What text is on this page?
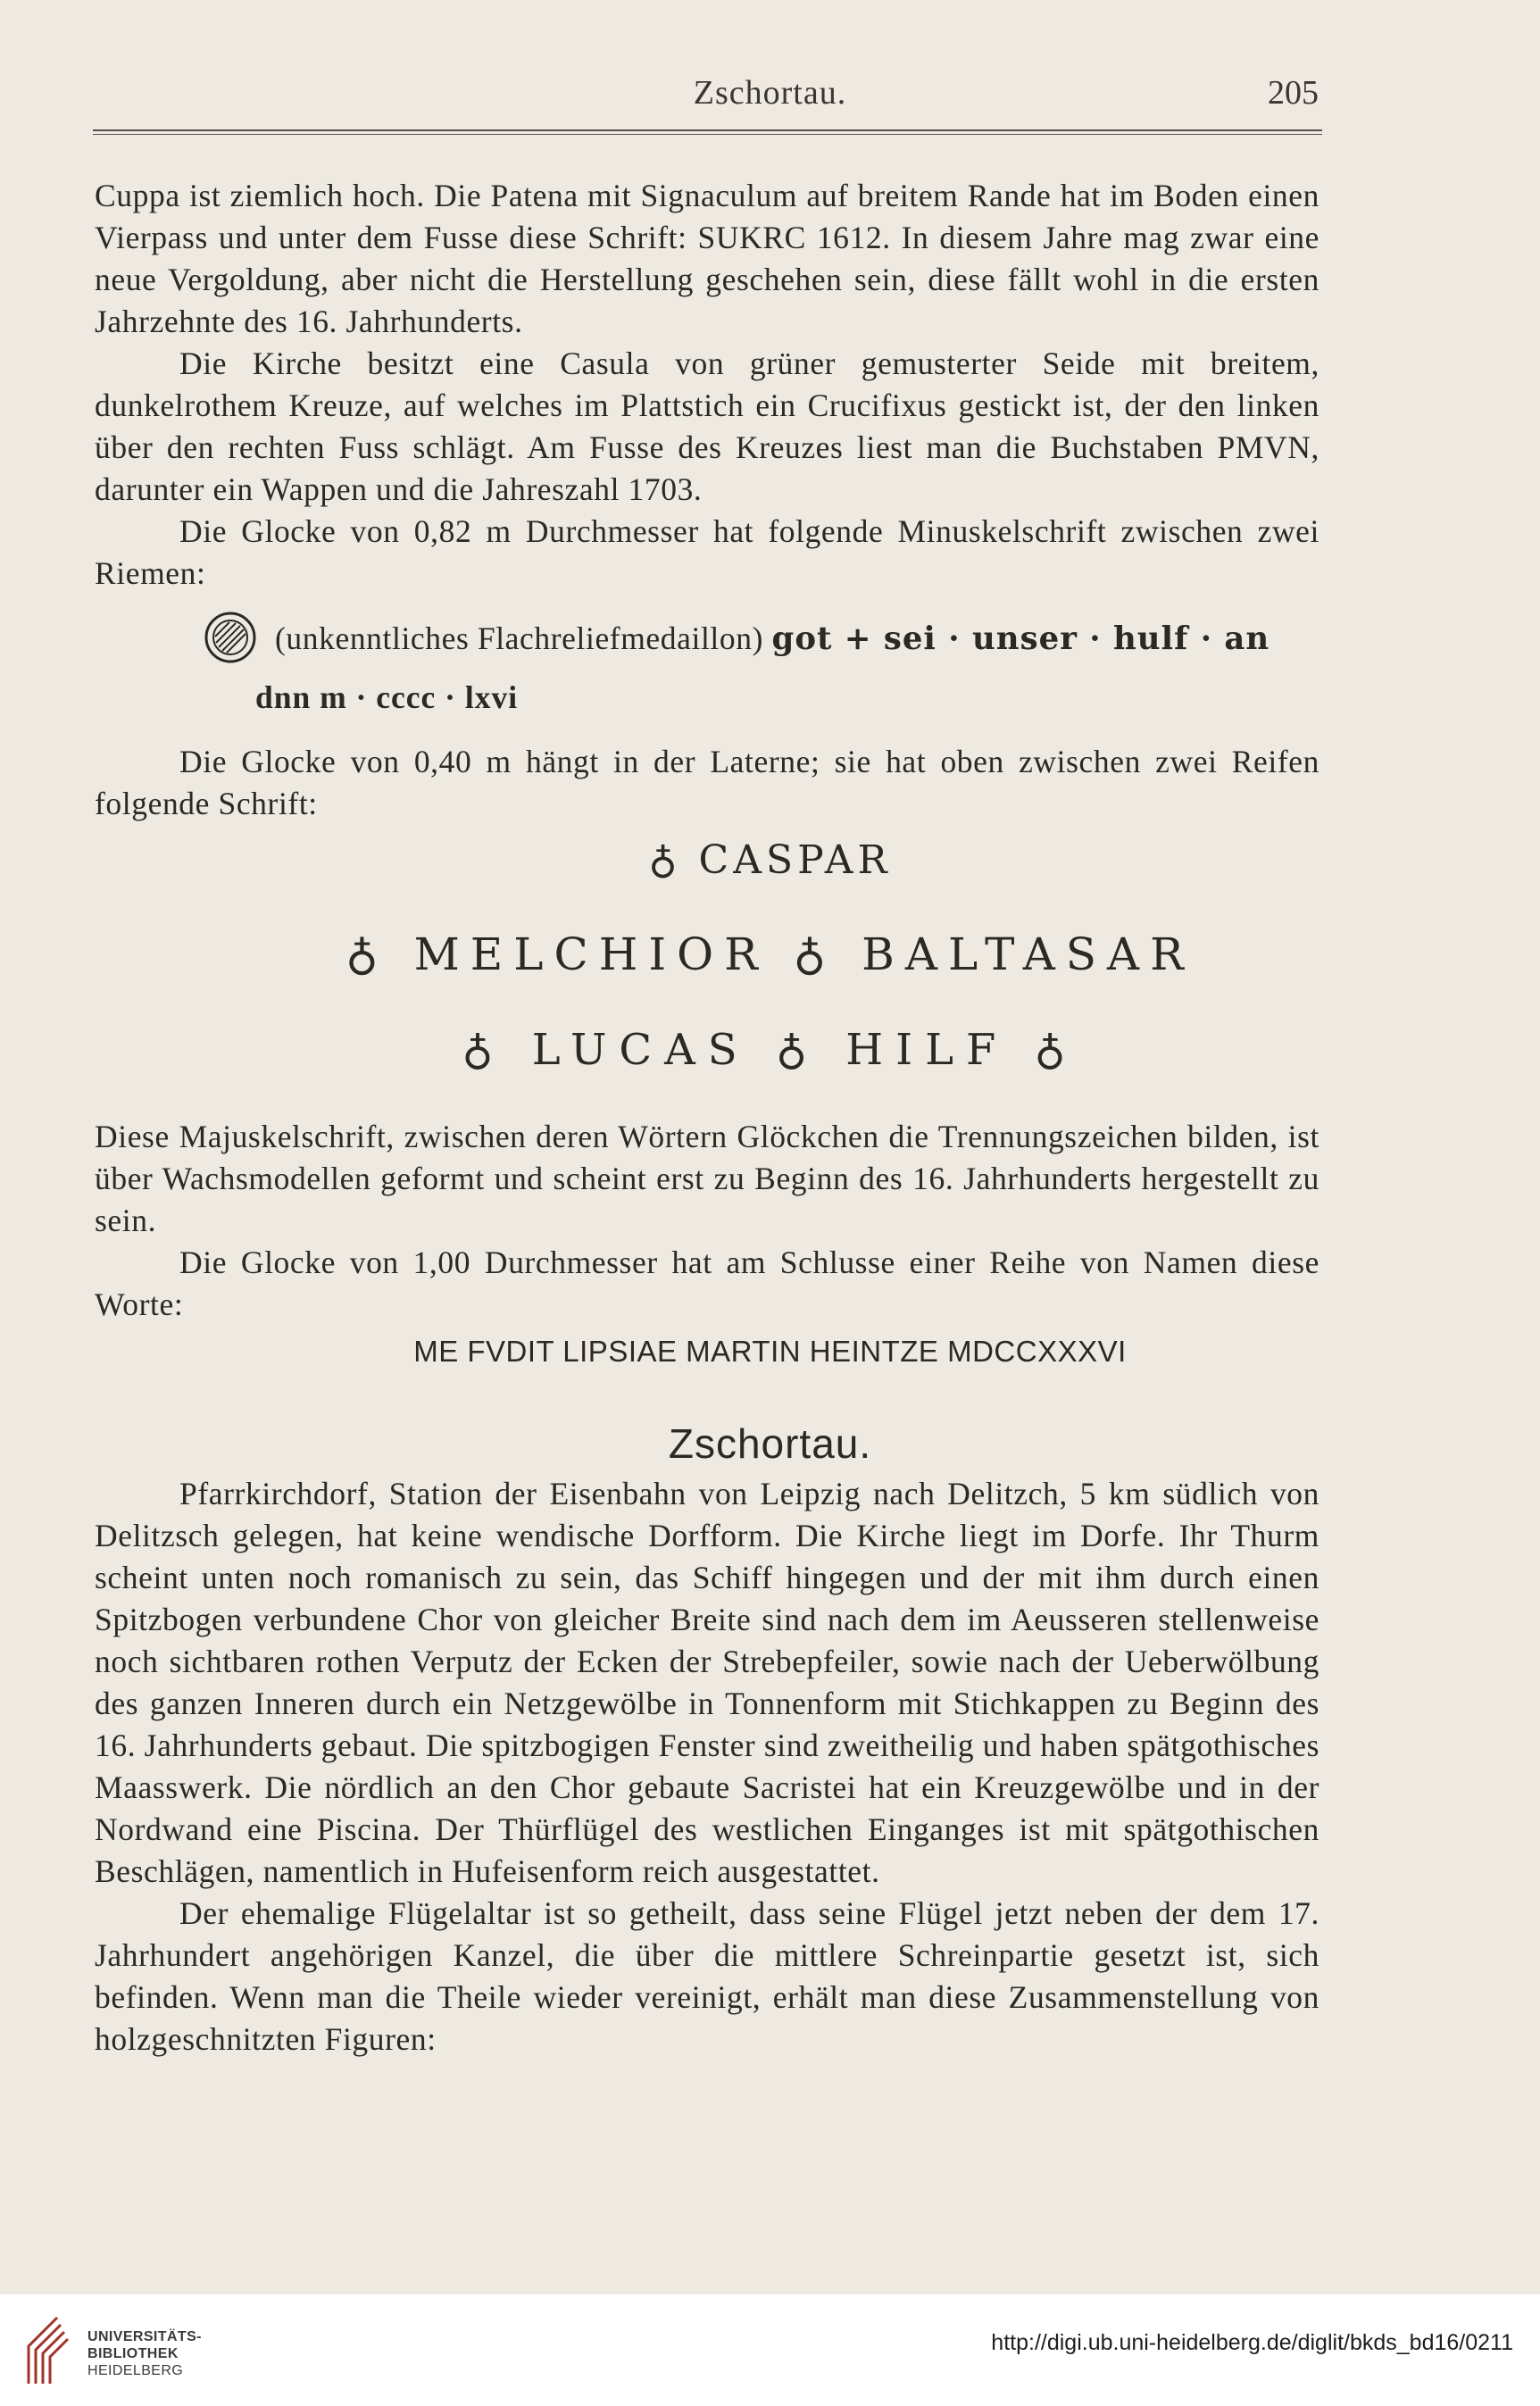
Zschortau.	205

Cuppa ist ziemlich hoch. Die Patena mit Signaculum auf breitem Rande hat im Boden einen Vierpass und unter dem Fusse diese Schrift: SUKRC 1612. In diesem Jahre mag zwar eine neue Vergoldung, aber nicht die Herstellung geschehen sein, diese fällt wohl in die ersten Jahrzehnte des 16. Jahrhunderts.

Die Kirche besitzt eine Casula von grüner gemusterter Seide mit breitem, dunkelrothem Kreuze, auf welches im Plattstich ein Crucifixus gestickt ist, der den linken über den rechten Fuss schlägt. Am Fusse des Kreuzes liest man die Buchstaben PMVN, darunter ein Wappen und die Jahreszahl 1703.

Die Glocke von 0,82 m Durchmesser hat folgende Minuskelschrift zwischen zwei Riemen:

(unkenntliches Flachreliefmedaillon) got + sei · unser · hulf · an
dnn m · cccc · lxvi

Die Glocke von 0,40 m hängt in der Laterne; sie hat oben zwischen zwei Reifen folgende Schrift:

♁ CASPAR
♁ MELCHIOR ♁ BALTASAR
♁ LUCAS ♁ HILF ♁

Diese Majuskelschrift, zwischen deren Wörtern Glöckchen die Trennungszeichen bilden, ist über Wachsmodellen geformt und scheint erst zu Beginn des 16. Jahrhunderts hergestellt zu sein.

Die Glocke von 1,00 Durchmesser hat am Schlusse einer Reihe von Namen diese Worte:

ME FVDIT LIPSIAE MARTIN HEINTZE MDCCXXXVI
Zschortau.

Pfarrkirchdorf, Station der Eisenbahn von Leipzig nach Delitzch, 5 km südlich von Delitzsch gelegen, hat keine wendische Dorfform. Die Kirche liegt im Dorfe. Ihr Thurm scheint unten noch romanisch zu sein, das Schiff hingegen und der mit ihm durch einen Spitzbogen verbundene Chor von gleicher Breite sind nach dem im Aeusseren stellenweise noch sichtbaren rothen Verputz der Ecken der Strebepfeiler, sowie nach der Ueberwölbung des ganzen Inneren durch ein Netzgewölbe in Tonnenform mit Stichkappen zu Beginn des 16. Jahrhunderts gebaut. Die spitzbogigen Fenster sind zweitheilig und haben spätgothisches Maasswerk. Die nördlich an den Chor gebaute Sacristei hat ein Kreuzgewölbe und in der Nordwand eine Piscina. Der Thürflügel des westlichen Einganges ist mit spätgothischen Beschlägen, namentlich in Hufeisenform reich ausgestattet.

Der ehemalige Flügelaltar ist so getheilt, dass seine Flügel jetzt neben der dem 17. Jahrhundert angehörigen Kanzel, die über die mittlere Schreinpartie gesetzt ist, sich befinden. Wenn man die Theile wieder vereinigt, erhält man diese Zusammenstellung von holzgeschnitzten Figuren:

UNIVERSITÄTS-
BIBLIOTHEK
HEIDELBERG
http://digi.ub.uni-heidelberg.de/diglit/bkds_bd16/0211
